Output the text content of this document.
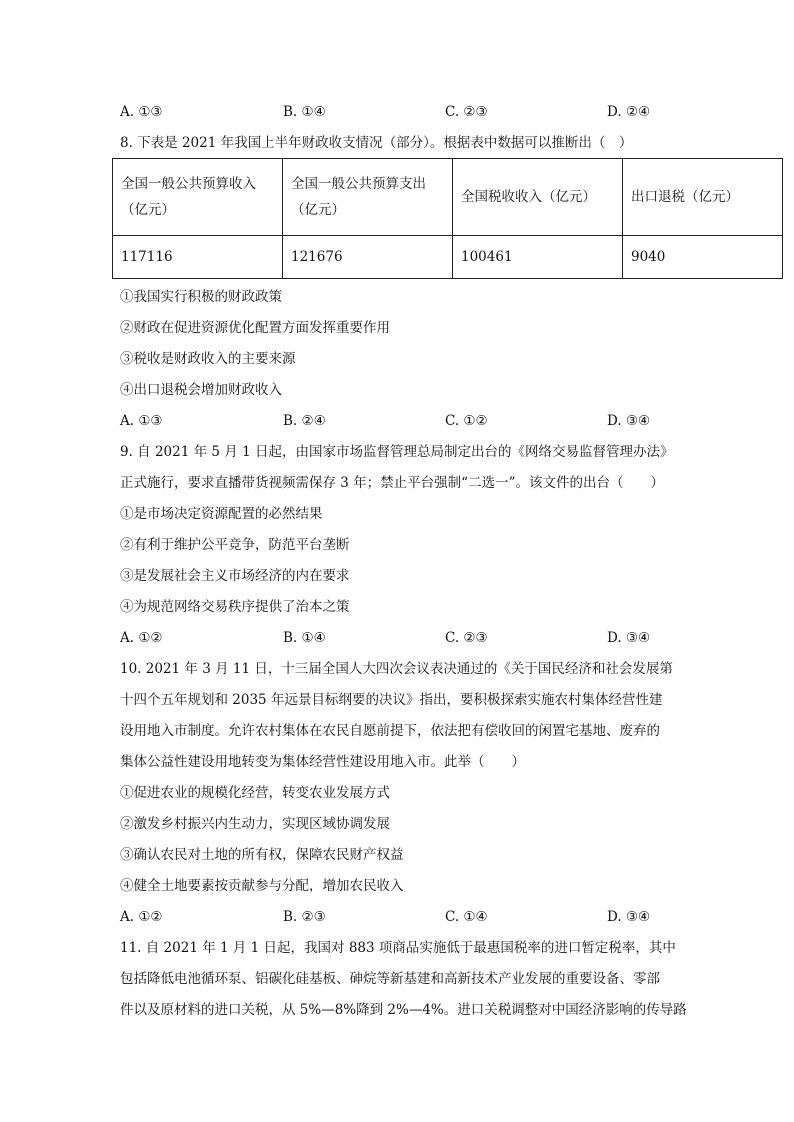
A. ①③	B. ①④	C. ②③	D. ②④
8. 下表是 2021 年我国上半年财政收支情况（部分）。根据表中数据可以推断出（　）
全国一般公共预算收入（亿元）	全国一般公共预算支出（亿元）	全国税收收入（亿元）	出口退税（亿元）
117116	121676	100461	9040
①我国实行积极的财政政策
②财政在促进资源优化配置方面发挥重要作用
③税收是财政收入的主要来源
④出口退税会增加财政收入
A. ①③	B. ②④	C. ①②	D. ③④
9. 自 2021 年 5 月 1 日起，由国家市场监督管理总局制定出台的《网络交易监督管理办法》
正式施行，要求直播带货视频需保存 3 年；禁止平台强制“二选一”。该文件的出台（　　）
①是市场决定资源配置的必然结果
②有利于维护公平竞争，防范平台垄断
③是发展社会主义市场经济的内在要求
④为规范网络交易秩序提供了治本之策
A. ①②	B. ①④	C. ②③	D. ③④
10. 2021 年 3 月 11 日，十三届全国人大四次会议表决通过的《关于国民经济和社会发展第
十四个五年规划和 2035 年远景目标纲要的决议》指出，要积极探索实施农村集体经营性建
设用地入市制度。允许农村集体在农民自愿前提下，依法把有偿收回的闲置宅基地、废弃的
集体公益性建设用地转变为集体经营性建设用地入市。此举（　　）
①促进农业的规模化经营，转变农业发展方式
②激发乡村振兴内生动力，实现区域协调发展
③确认农民对土地的所有权，保障农民财产权益
④健全土地要素按贡献参与分配，增加农民收入
A. ①②	B. ②③	C. ①④	D. ③④
11. 自 2021 年 1 月 1 日起，我国对 883 项商品实施低于最惠国税率的进口暂定税率，其中
包括降低电池循环泵、铝碳化硅基板、砷烷等新基建和高新技术产业发展的重要设备、零部
件以及原材料的进口关税，从 5%—8%降到 2%—4%。进口关税调整对中国经济影响的传导路
